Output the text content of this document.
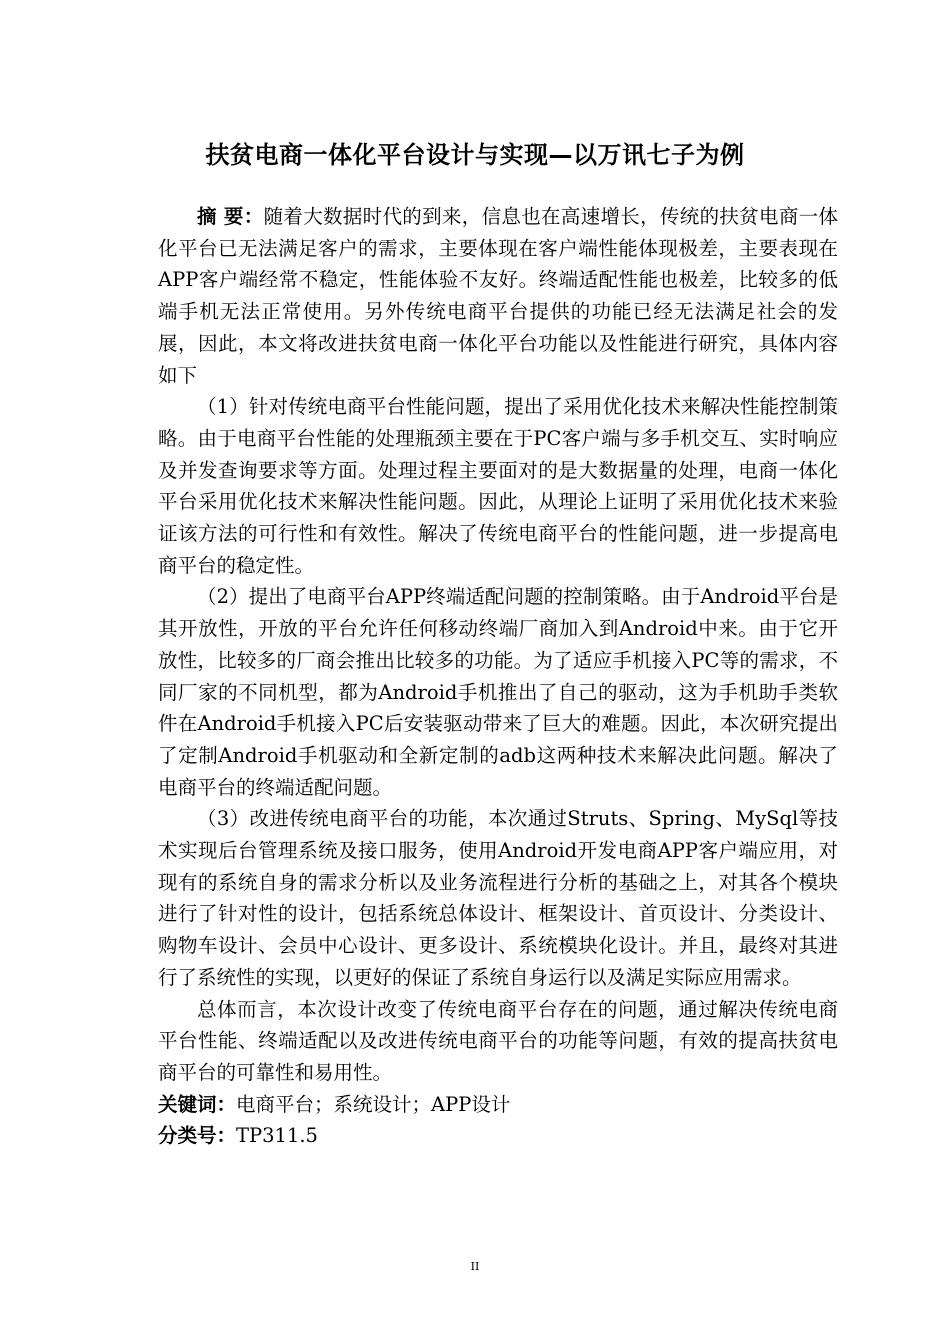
扶贫电商一体化平台设计与实现—以万讯七子为例

摘 要：随着大数据时代的到来，信息也在高速增长，传统的扶贫电商一体化平台已无法满足客户的需求，主要体现在客户端性能体现极差，主要表现在APP客户端经常不稳定，性能体验不友好。终端适配性能也极差，比较多的低端手机无法正常使用。另外传统电商平台提供的功能已经无法满足社会的发展，因此，本文将改进扶贫电商一体化平台功能以及性能进行研究，具体内容如下

（1）针对传统电商平台性能问题，提出了采用优化技术来解决性能控制策略。由于电商平台性能的处理瓶颈主要在于PC客户端与多手机交互、实时响应及并发查询要求等方面。处理过程主要面对的是大数据量的处理，电商一体化平台采用优化技术来解决性能问题。因此，从理论上证明了采用优化技术来验证该方法的可行性和有效性。解决了传统电商平台的性能问题，进一步提高电商平台的稳定性。

（2）提出了电商平台APP终端适配问题的控制策略。由于Android平台是其开放性，开放的平台允许任何移动终端厂商加入到Android中来。由于它开放性，比较多的厂商会推出比较多的功能。为了适应手机接入PC等的需求，不同厂家的不同机型，都为Android手机推出了自己的驱动，这为手机助手类软件在Android手机接入PC后安装驱动带来了巨大的难题。因此，本次研究提出了定制Android手机驱动和全新定制的adb这两种技术来解决此问题。解决了电商平台的终端适配问题。

（3）改进传统电商平台的功能，本次通过Struts、Spring、MySql等技术实现后台管理系统及接口服务，使用Android开发电商APP客户端应用，对现有的系统自身的需求分析以及业务流程进行分析的基础之上，对其各个模块进行了针对性的设计，包括系统总体设计、框架设计、首页设计、分类设计、购物车设计、会员中心设计、更多设计、系统模块化设计。并且，最终对其进行了系统性的实现，以更好的保证了系统自身运行以及满足实际应用需求。

总体而言，本次设计改变了传统电商平台存在的问题，通过解决传统电商平台性能、终端适配以及改进传统电商平台的功能等问题，有效的提高扶贫电商平台的可靠性和易用性。

关键词：电商平台；系统设计；APP设计
分类号：TP311.5
II
